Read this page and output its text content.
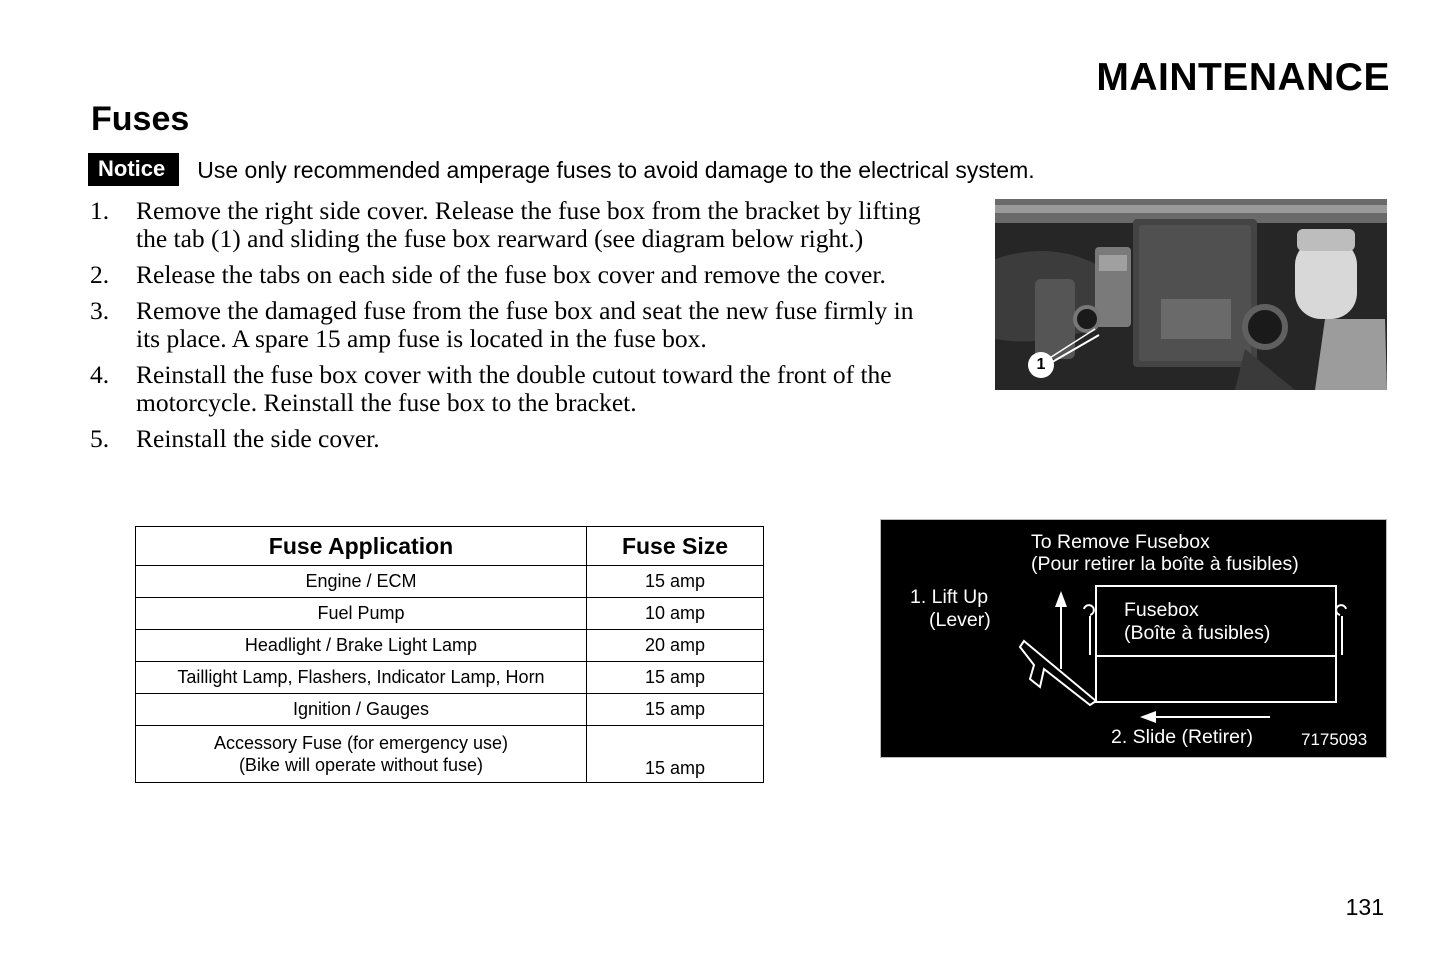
MAINTENANCE
Fuses
Notice	Use only recommended amperage fuses to avoid damage to the electrical system.
1. Remove the right side cover. Release the fuse box from the bracket by lifting the tab (1) and sliding the fuse box rearward (see diagram below right.)
2. Release the tabs on each side of the fuse box cover and remove the cover.
3. Remove the damaged fuse from the fuse box and seat the new fuse firmly in its place. A spare 15 amp fuse is located in the fuse box.
4. Reinstall the fuse box cover with the double cutout toward the front of the motorcycle. Reinstall the fuse box to the bracket.
5. Reinstall the side cover.
1
Fuse Application	Fuse Size
Engine / ECM	15 amp
Fuel Pump	10 amp
Headlight / Brake Light Lamp	20 amp
Taillight Lamp, Flashers, Indicator Lamp, Horn	15 amp
Ignition / Gauges	15 amp

Accessory Fuse (for emergency use)
(Bike will operate without fuse)	15 amp
To Remove Fusebox
(Pour retirer la boîte à fusibles)
1. Lift Up
(Lever)	Fusebox
(Boîte à fusibles)
2. Slide (Retirer)	7175093
131
